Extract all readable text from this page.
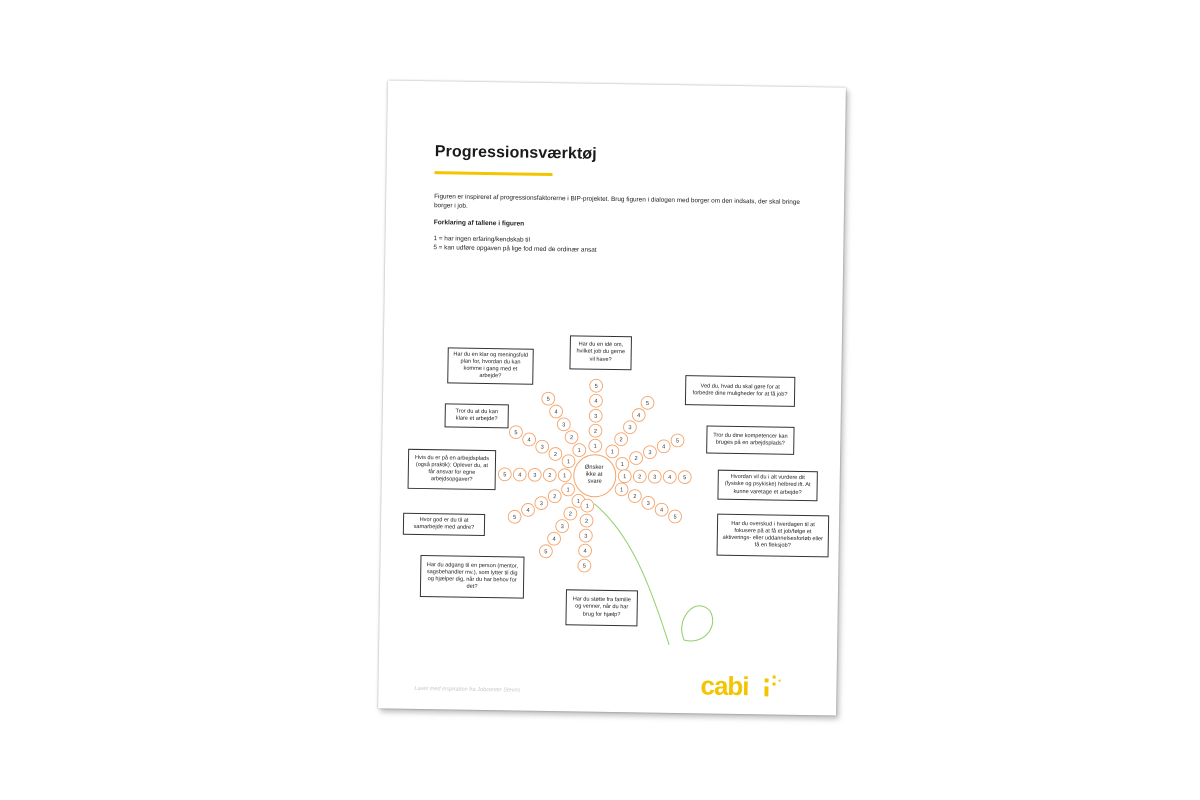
Progressionsværktøj

Figuren er inspireret af progressionsfaktorerne i BIP-projektet. Brug figuren i dialogen med borger om den indsats, der skal bringe borger i job.

Forklaring af tallene i figuren

1 = har ingen erfaring/kendskab til

5 = kan udføre opgaven på lige fod med de ordinær ansat

1
2
3
4
5
1
2
3
4
5
1
2
3
4
5
1 2 3 4 5
1
2
3
4
5
1
2
3
4
5
1
2
3
4
5
1
2
3
4
5
1
2
3
4
5
1
2
3
4
5
1
2
3
4
5
Ønsker ikke at svare
Har du en idé om, hvilket job du gerne vil have?
Ved du, hvad du skal gøre for at forbedre dine muligheder for at få job?
Tror du dine kompetencer kan bruges på en arbejdsplads?
Hvordan vil du i alt vurdere dit (fysiske og psykiske) helbred ift. At kunne varetage et arbejde?
Har du overskud i hverdagen til at fokusere på at få et job/følge et aktiverings- eller uddannelsesforløb eller få en fleksjob?
Har du støtte fra familie og venner, når du har brug for hjælp?
Har du adgang til en person (mentor, sagsbehandler mv.), som lytter til dig og hjælper dig, når du har behov for det?
Hvor god er du til at samarbejde med andre?
Hvis du er på en arbejdsplads (også praktik): Oplever du, at får ansvar for egne arbejdsopgaver?
Tror du at du kan klare et arbejde?
Har du en klar og meningsfuld plan for, hvordan du kan komme i gang med et arbejde?

Lavet med inspiration fra Jobcenter Stevns	cabi
